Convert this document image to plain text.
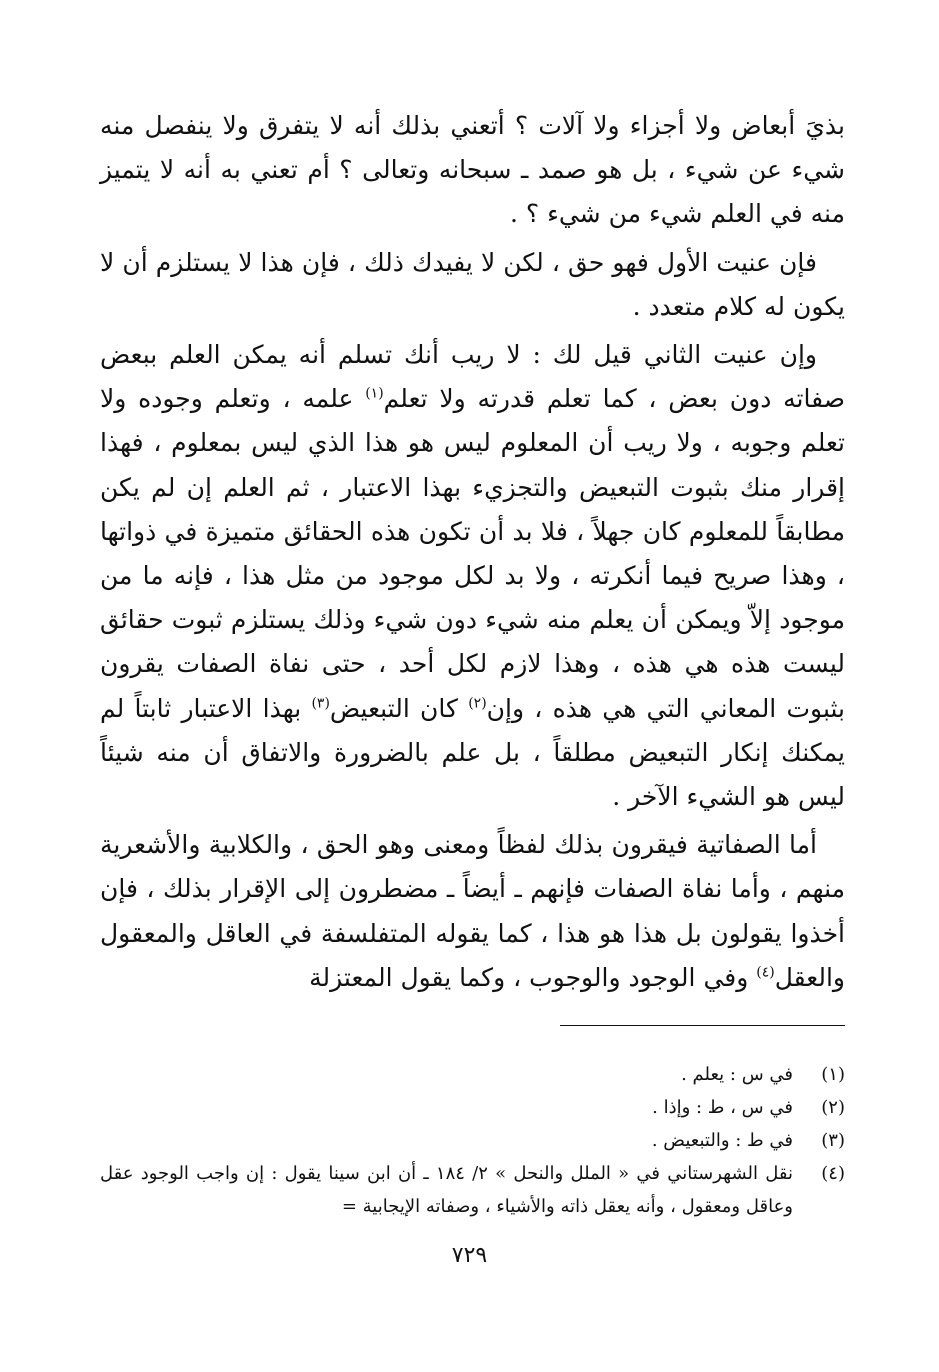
بذيَ أبعاض ولا أجزاء ولا آلات ؟ أتعني بذلك أنه لا يتفرق ولا ينفصل منه شيء عن شيء ، بل هو صمد ـ سبحانه وتعالى ؟ أم تعني به أنه لا يتميز منه في العلم شيء من شيء ؟ .

فإن عنيت الأول فهو حق ، لكن لا يفيدك ذلك ، فإن هذا لا يستلزم أن لا يكون له كلام متعدد .

وإن عنيت الثاني قيل لك : لا ريب أنك تسلم أنه يمكن العلم ببعض صفاته دون بعض ، كما تعلم قدرته ولا تعلم$^{(١)}$ علمه ، وتعلم وجوده ولا تعلم وجوبه ، ولا ريب أن المعلوم ليس هو هذا الذي ليس بمعلوم ، فهذا إقرار منك بثبوت التبعيض والتجزيء بهذا الاعتبار ، ثم العلم إن لم يكن مطابقاً للمعلوم كان جهلاً ، فلا بد أن تكون هذه الحقائق متميزة في ذواتها ، وهذا صريح فيما أنكرته ، ولا بد لكل موجود من مثل هذا ، فإنه ما من موجود إلاّ ويمكن أن يعلم منه شيء دون شيء وذلك يستلزم ثبوت حقائق ليست هذه هي هذه ، وهذا لازم لكل أحد ، حتى نفاة الصفات يقرون بثبوت المعاني التي هي هذه ، وإن$^{(٢)}$ كان التبعيض$^{(٣)}$ بهذا الاعتبار ثابتاً لم يمكنك إنكار التبعيض مطلقاً ، بل علم بالضرورة والاتفاق أن منه شيئاً ليس هو الشيء الآخر .

أما الصفاتية فيقرون بذلك لفظاً ومعنى وهو الحق ، والكلابية والأشعرية منهم ، وأما نفاة الصفات فإنهم ـ أيضاً ـ مضطرون إلى الإقرار بذلك ، فإن أخذوا يقولون بل هذا هو هذا ، كما يقوله المتفلسفة في العاقل والمعقول والعقل$^{(٤)}$ وفي الوجود والوجوب ، وكما يقول المعتزلة

(١)
في س : يعلم .
(٢)
في س ، ط : وإذا .
(٣)
في ط : والتبعيض .
(٤)
نقل الشهرستاني في « الملل والنحل » ٢/ ١٨٤ ـ أن ابن سينا يقول : إن واجب الوجود عقل وعاقل ومعقول ، وأنه يعقل ذاته والأشياء ، وصفاته الإيجابية =
٧٢٩
